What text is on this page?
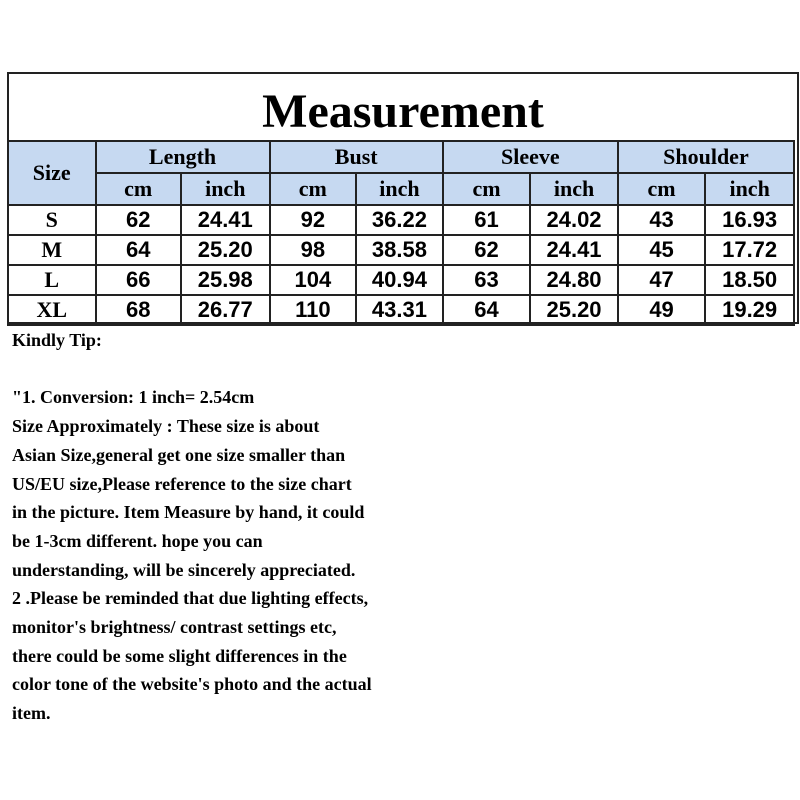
Measurement
Size	Length		Bust		Sleeve		Shoulder	
	cm	inch	cm	inch	cm	inch	cm	inch
S	62	24.41	92	36.22	61	24.02	43	16.93
M	64	25.20	98	38.58	62	24.41	45	17.72
L	66	25.98	104	40.94	63	24.80	47	18.50
XL	68	26.77	110	43.31	64	25.20	49	19.29
Kindly Tip:
"1. Conversion: 1 inch= 2.54cm
Size Approximately : These size is about
Asian Size,general get one size smaller than
US/EU size,Please reference to the size chart
in the picture. Item Measure by hand, it could
be 1-3cm different. hope you can
understanding, will be sincerely appreciated.
2 .Please be reminded that due lighting effects,
monitor's brightness/ contrast settings etc,
there could be some slight differences in the
color tone of the website's photo and the actual
item.
